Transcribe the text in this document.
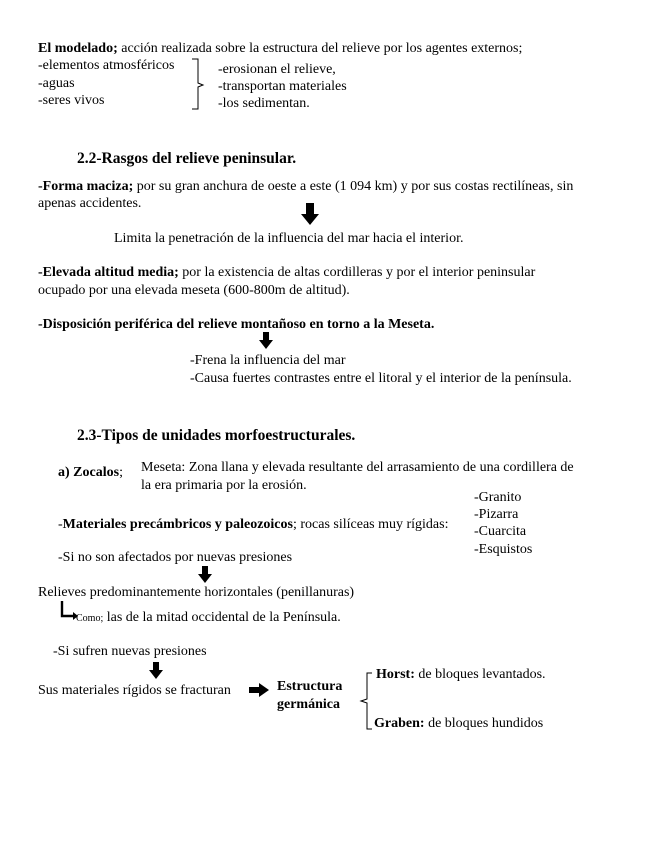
El modelado; acción realizada sobre la estructura del relieve por los agentes externos;
-elementos atmosféricos
-aguas
-seres vivos
-erosionan el relieve,
-transportan materiales
-los sedimentan.
2.2-Rasgos del relieve peninsular.
-Forma maciza; por su gran anchura de oeste a este (1 094 km) y por sus costas rectilíneas, sin
apenas accidentes.
Limita la penetración de la influencia del mar hacia el interior.
-Elevada altitud media; por la existencia de altas cordilleras y por el interior peninsular
ocupado por una elevada meseta (600-800m de altitud).
-Disposición periférica del relieve montañoso en torno a la Meseta.
-Frena la influencia del mar
-Causa fuertes contrastes entre el litoral y el interior de la península.
2.3-Tipos de unidades morfoestructurales.
a) Zocalos; Meseta: Zona llana y elevada resultante del arrasamiento de una cordillera de
la era primaria por la erosión.
-Granito
-Pizarra
-Cuarcita
-Esquistos
-Materiales precámbricos y paleozoicos; rocas silíceas muy rígidas:
-Si no son afectados por nuevas presiones
Relieves predominantemente horizontales (penillanuras)
Como; las de la mitad occidental de la Península.
-Si sufren nuevas presiones
Sus materiales rígidos se fracturan	Estructura
germánica
Horst: de bloques levantados.
Graben: de bloques hundidos
